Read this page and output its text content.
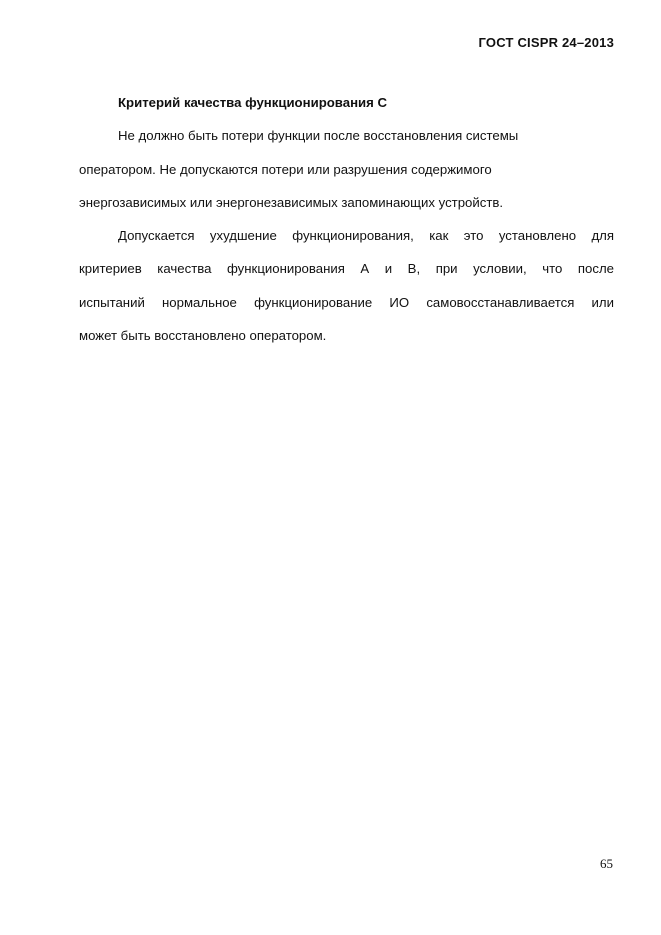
ГОСТ CISPR 24–2013
Критерий качества функционирования С
Не должно быть потери функции после восстановления системы
оператором. Не допускаются потери или разрушения содержимого
энергозависимых или энергонезависимых запоминающих устройств.
Допускается ухудшение функционирования, как это установлено для
критериев качества функционирования А и В, при условии, что после
испытаний нормальное функционирование ИО самовосстанавливается или
может быть восстановлено оператором.
65
